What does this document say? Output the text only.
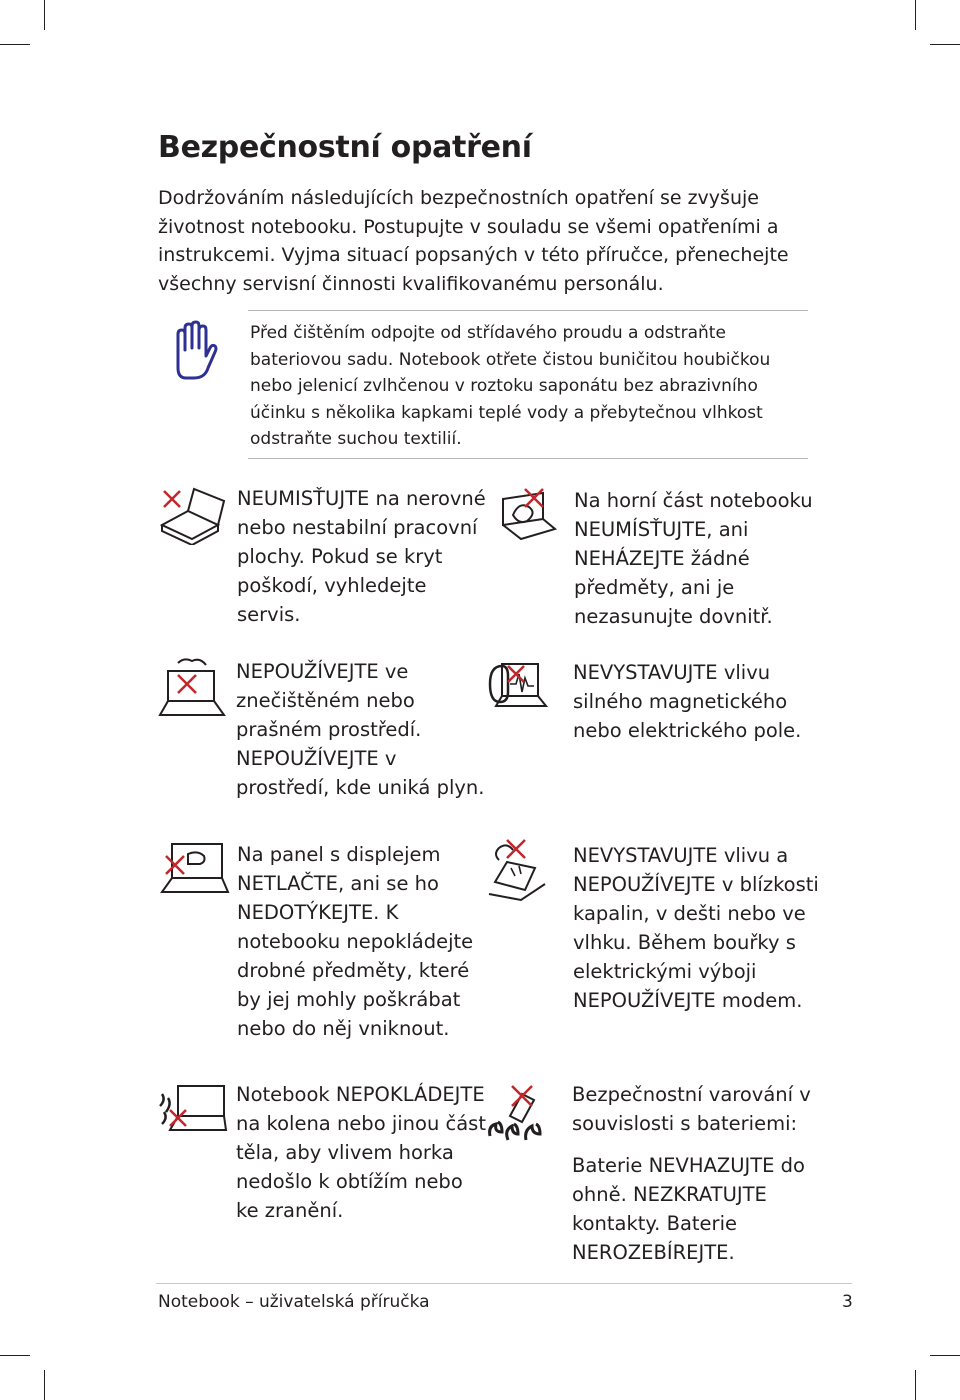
Bezpečnostní opatření

Dodržováním následujících bezpečnostních opatření se zvyšuje životnost notebooku. Postupujte v souladu se všemi opatřeními a instrukcemi. Vyjma situací popsaných v této příručce, přenechejte všechny servisní činnosti kvalifikovanému personálu.

Před čištěním odpojte od střídavého proudu a odstraňte bateriovou sadu. Notebook otřete čistou buničitou houbičkou nebo jelenicí zvlhčenou v roztoku saponátu bez abrazivního účinku s několika kapkami teplé vody a přebytečnou vlhkost odstraňte suchou textilií.

NEUMISŤUJTE na nerovné nebo nestabilní pracovní plochy. Pokud se kryt poškodí, vyhledejte servis.

Na horní část notebooku NEUMÍSŤUJTE, ani NEHÁZEJTE žádné předměty, ani je nezasunujte dovnitř.

NEPOUŽÍVEJTE ve znečištěném nebo prašném prostředí. NEPOUŽÍVEJTE v prostředí, kde uniká plyn.

NEVYSTAVUJTE vlivu silného magnetického nebo elektrického pole.

Na panel s displejem NETLAČTE, ani se ho NEDOTÝKEJTE. K notebooku nepokládejte drobné předměty, které by jej mohly poškrábat nebo do něj vniknout.

NEVYSTAVUJTE vlivu a NEPOUŽÍVEJTE v blízkosti kapalin, v dešti nebo ve vlhku. Během bouřky s elektrickými výboji NEPOUŽÍVEJTE modem.

Notebook NEPOKLÁDEJTE na kolena nebo jinou část těla, aby vlivem horka nedošlo k obtížím nebo ke zranění.

Bezpečnostní varování v souvislosti s bateriemi:

Baterie NEVHAZUJTE do ohně. NEZKRATUJTE kontakty. Baterie NEROZEBÍREJTE.

Notebook – uživatelská příručka	3
